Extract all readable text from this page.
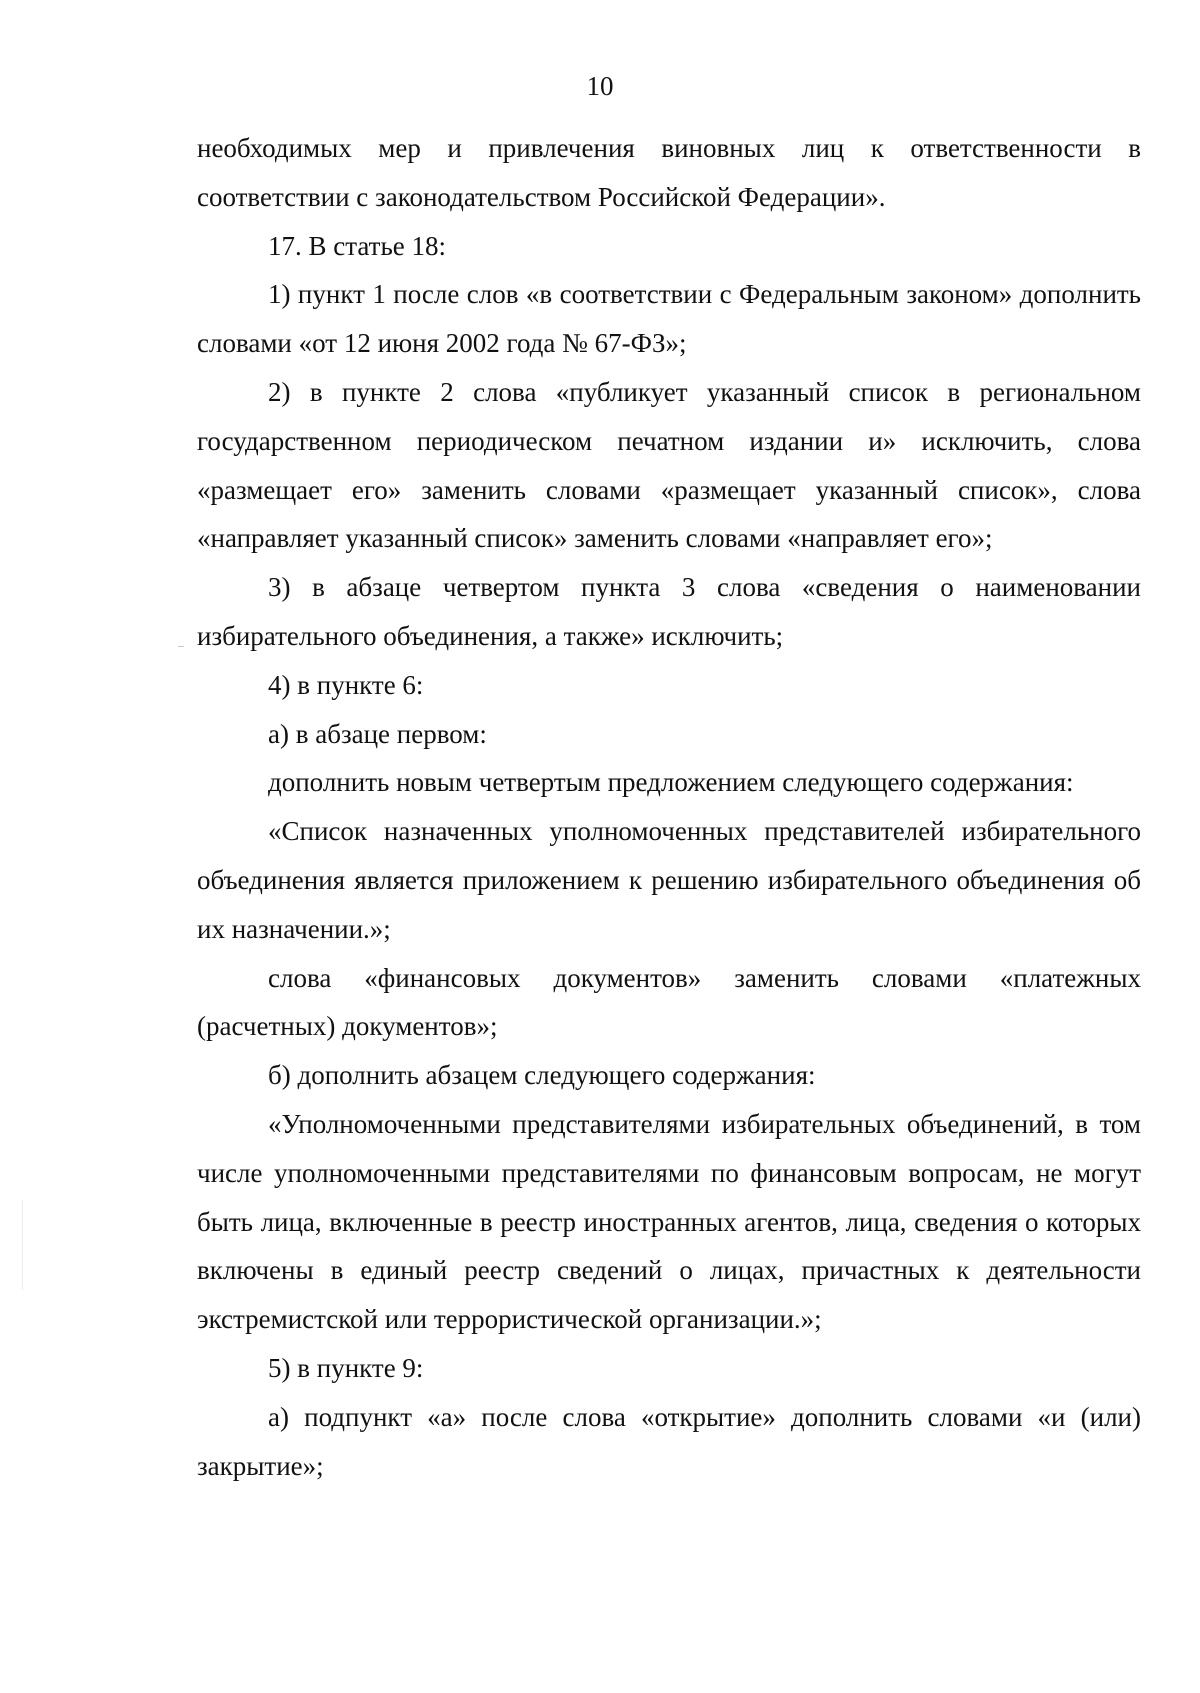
10

необходимых мер и привлечения виновных лиц к ответственности в соответствии с законодательством Российской Федерации».

17. В статье 18:

1) пункт 1 после слов «в соответствии с Федеральным законом» дополнить словами «от 12 июня 2002 года № 67-ФЗ»;

2) в пункте 2 слова «публикует указанный список в региональном государственном периодическом печатном издании и» исключить, слова «размещает его» заменить словами «размещает указанный список», слова «направляет указанный список» заменить словами «направляет его»;

3) в абзаце четвертом пункта 3 слова «сведения о наименовании избирательного объединения, а также» исключить;

4) в пункте 6:

а) в абзаце первом:

дополнить новым четвертым предложением следующего содержания:

«Список назначенных уполномоченных представителей избирательного объединения является приложением к решению избирательного объединения об их назначении.»;

слова «финансовых документов» заменить словами «платежных (расчетных) документов»;

б) дополнить абзацем следующего содержания:

«Уполномоченными представителями избирательных объединений, в том числе уполномоченными представителями по финансовым вопросам, не могут быть лица, включенные в реестр иностранных агентов, лица, сведения о которых включены в единый реестр сведений о лицах, причастных к деятельности экстремистской или террористической организации.»;

5) в пункте 9:

а) подпункт «а» после слова «открытие» дополнить словами «и (или) закрытие»;
